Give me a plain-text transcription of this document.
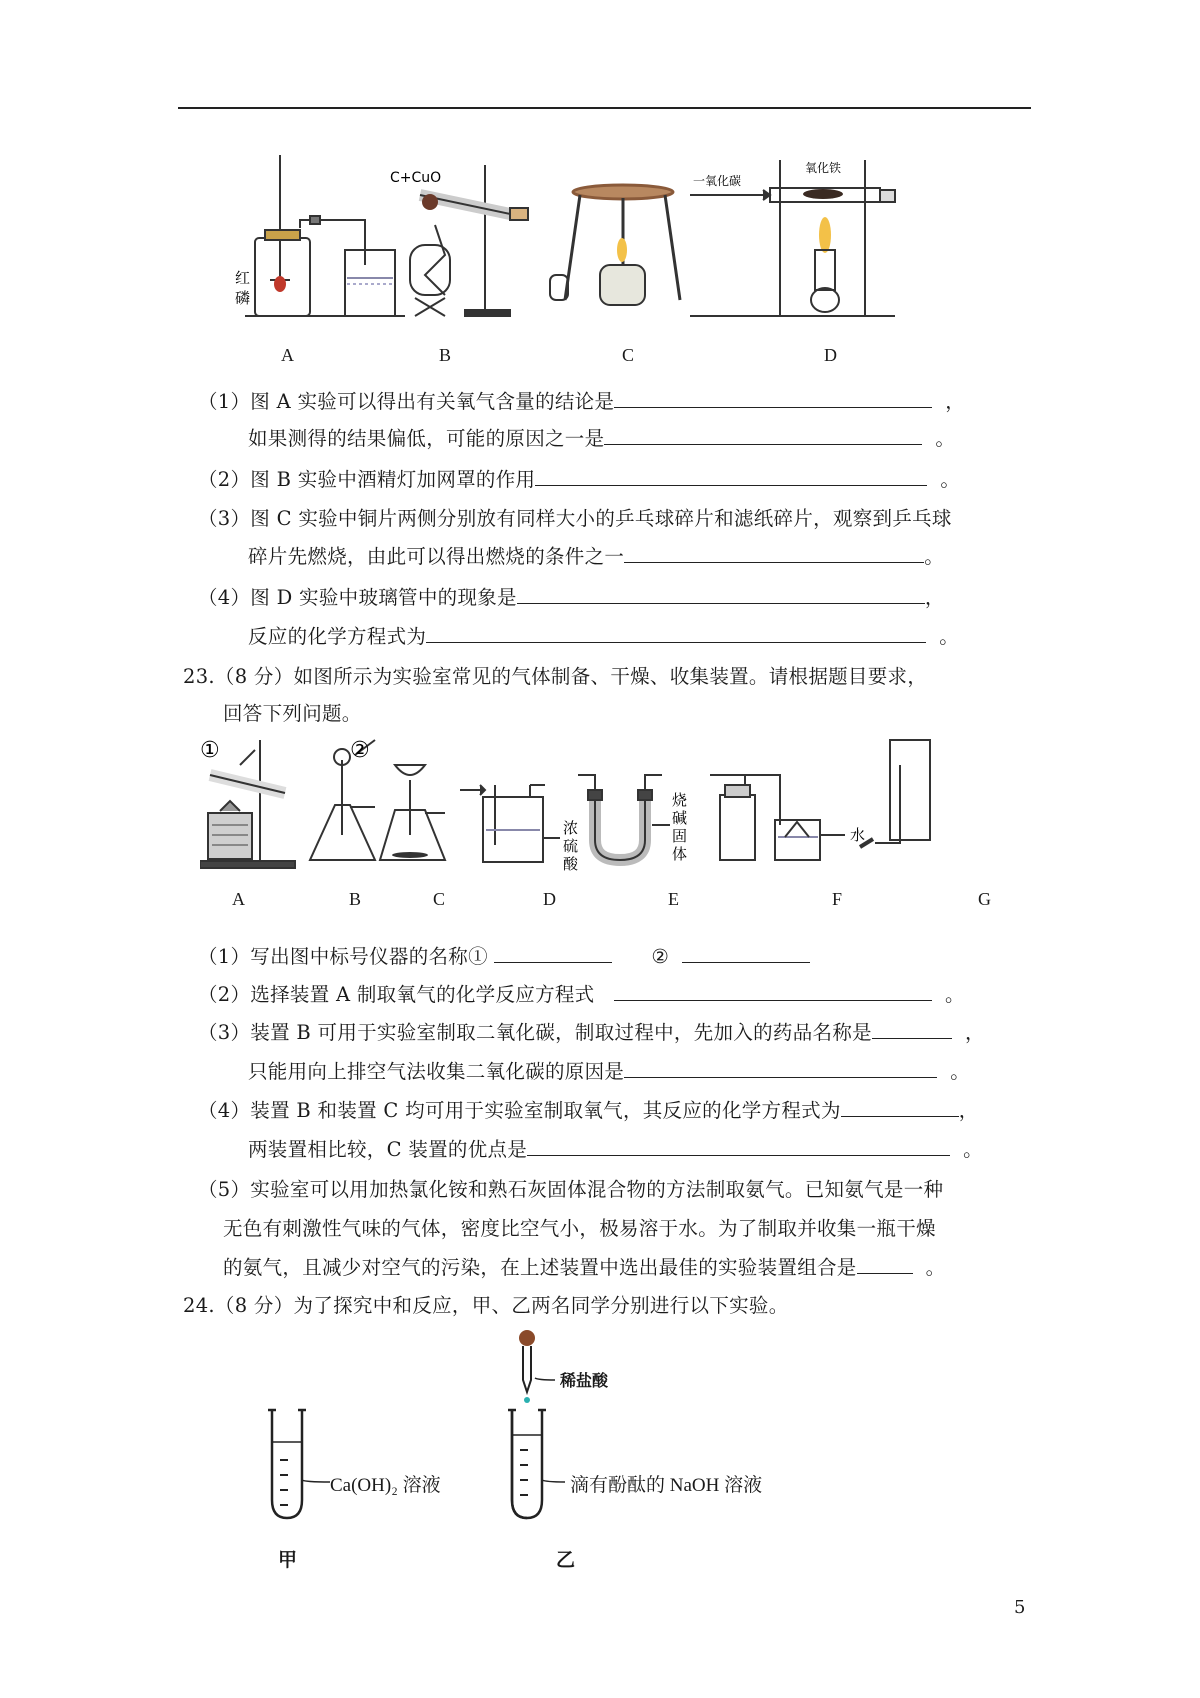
红
磷
C+CuO	一氧化碳
氧化铁
A	B	C	D
（1）图 A 实验可以得出有关氧气含量的结论是	，
如果测得的结果偏低，可能的原因之一是	。
（2）图 B 实验中酒精灯加网罩的作用	。
（3）图 C 实验中铜片两侧分别放有同样大小的乒乓球碎片和滤纸碎片，观察到乒乓球
碎片先燃烧，由此可以得出燃烧的条件之一	。
（4）图 D 实验中玻璃管中的现象是	，
反应的化学方程式为	。
23.（8 分）如图所示为实验室常见的气体制备、干燥、收集装置。请根据题目要求，
回答下列问题。
①	②
浓
硫
酸
烧
碱
固
体
水
A	B	C	D	E	F	G
（1）写出图中标号仪器的名称①	②
（2）选择装置 A 制取氧气的化学反应方程式	。
（3）装置 B 可用于实验室制取二氧化碳，制取过程中，先加入的药品名称是	，
只能用向上排空气法收集二氧化碳的原因是	。
（4）装置 B 和装置 C 均可用于实验室制取氧气，其反应的化学方程式为	，
两装置相比较，C 装置的优点是	。
（5）实验室可以用加热氯化铵和熟石灰固体混合物的方法制取氨气。已知氨气是一种
无色有刺激性气味的气体，密度比空气小，极易溶于水。为了制取并收集一瓶干燥
的氨气，且减少对空气的污染，在上述装置中选出最佳的实验装置组合是	。
24.（8 分）为了探究中和反应，甲、乙两名同学分别进行以下实验。
稀盐酸
Ca(OH)₂ 溶液	滴有酚酞的 NaOH 溶液
甲	乙
5
